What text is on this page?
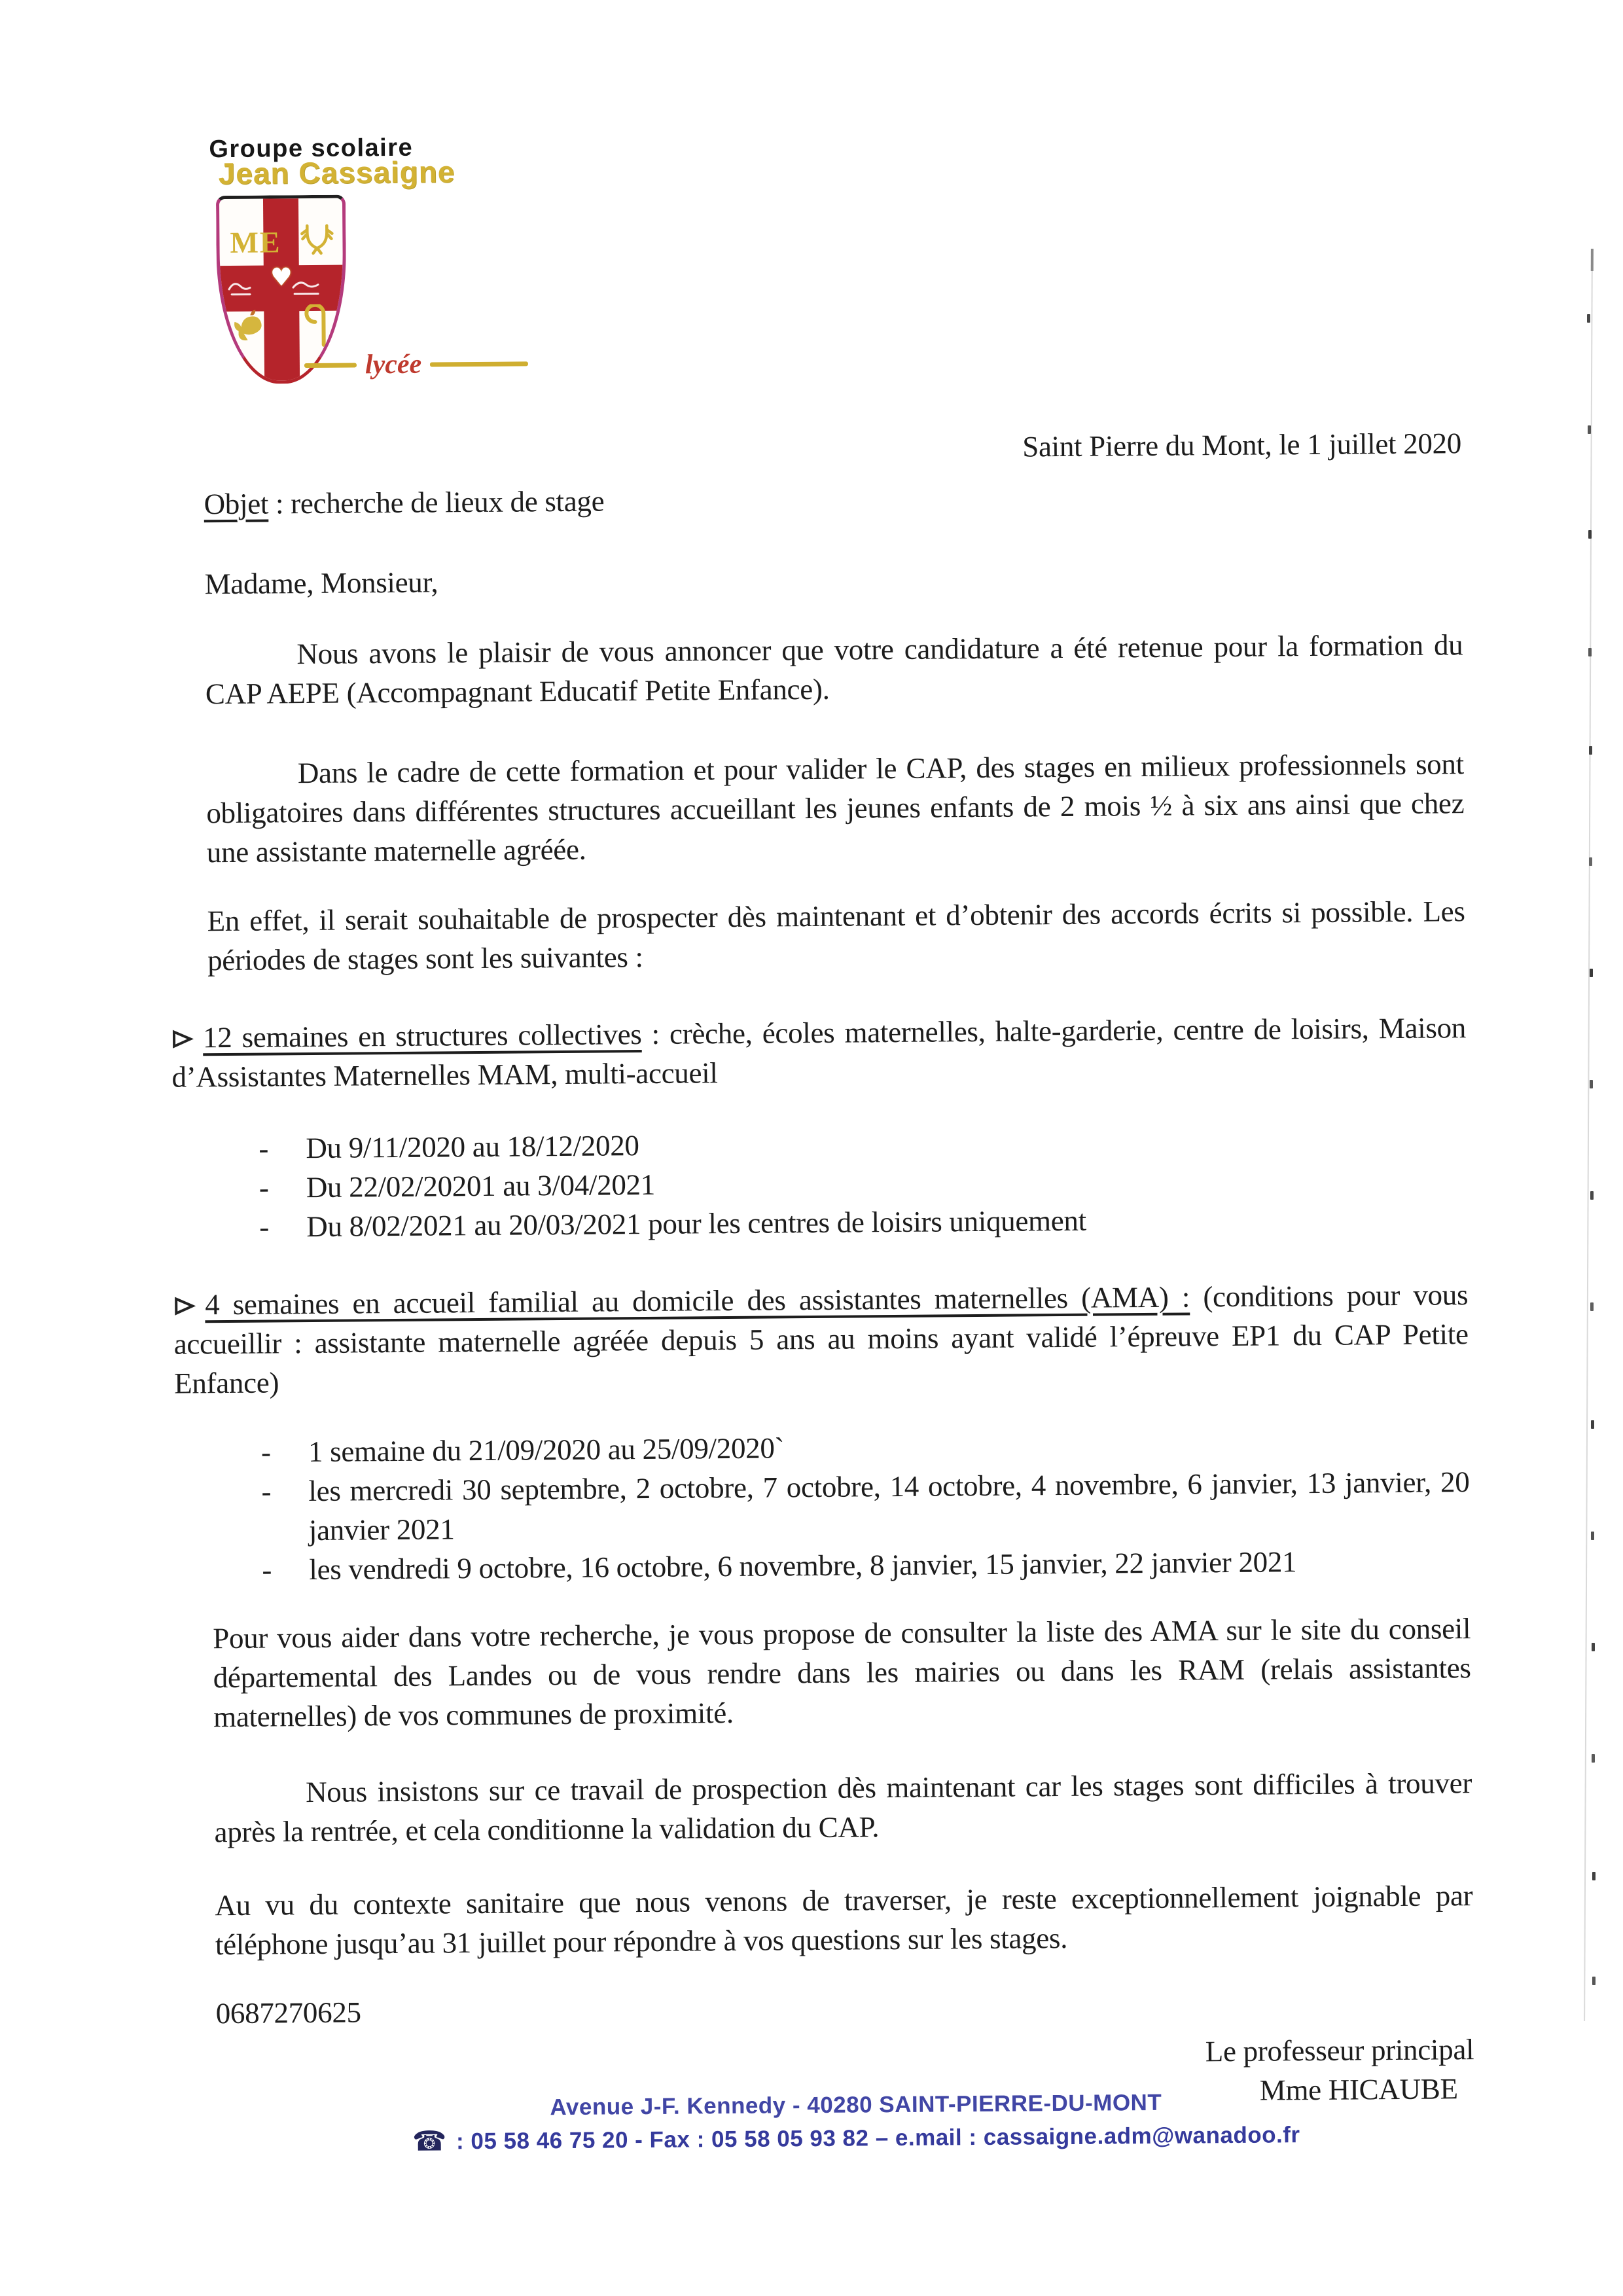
Groupe scolaire
Jean Cassaigne
ME
♥
lycée
Saint Pierre du Mont, le 1 juillet 2020
Objet : recherche de lieux de stage
Madame, Monsieur,

Nous avons le plaisir de vous annoncer que votre candidature a été retenue pour la formation du CAP AEPE (Accompagnant Educatif Petite Enfance).

Dans le cadre de cette formation et pour valider le CAP, des stages en milieux professionnels sont obligatoires dans différentes structures accueillant les jeunes enfants de 2 mois ½ à six ans ainsi que chez une assistante maternelle agréée.

En effet, il serait souhaitable de prospecter dès maintenant et d’obtenir des accords écrits si possible. Les périodes de stages sont les suivantes :

12 semaines en structures collectives : crèche, écoles maternelles, halte-garderie, centre de loisirs, Maison d’Assistantes Maternelles MAM, multi-accueil
- Du 9/11/2020 au 18/12/2020
- Du 22/02/20201 au 3/04/2021
- Du 8/02/2021 au 20/03/2021 pour les centres de loisirs uniquement
4 semaines en accueil familial au domicile des assistantes maternelles (AMA) : (conditions pour vous accueillir : assistante maternelle agréée depuis 5 ans au moins ayant validé l’épreuve EP1 du CAP Petite Enfance)
- 1 semaine du 21/09/2020 au 25/09/2020`
- les mercredi 30 septembre, 2 octobre, 7 octobre, 14 octobre, 4 novembre, 6 janvier, 13 janvier, 20 janvier 2021
- les vendredi 9 octobre, 16 octobre, 6 novembre, 8 janvier, 15 janvier, 22 janvier 2021

Pour vous aider dans votre recherche, je vous propose de consulter la liste des AMA sur le site du conseil départemental des Landes ou de vous rendre dans les mairies ou dans les RAM (relais assistantes maternelles) de vos communes de proximité.

Nous insistons sur ce travail de prospection dès maintenant car les stages sont difficiles à trouver après la rentrée, et cela conditionne la validation du CAP.

Au vu du contexte sanitaire que nous venons de traverser, je reste exceptionnellement joignable par téléphone jusqu’au 31 juillet pour répondre à vos questions sur les stages.

0687270625
Le professeur principal
Mme HICAUBE
Avenue J-F. Kennedy - 40280 SAINT-PIERRE-DU-MONT
☎ : 05 58 46 75 20 - Fax : 05 58 05 93 82 – e.mail : cassaigne.adm@wanadoo.fr
